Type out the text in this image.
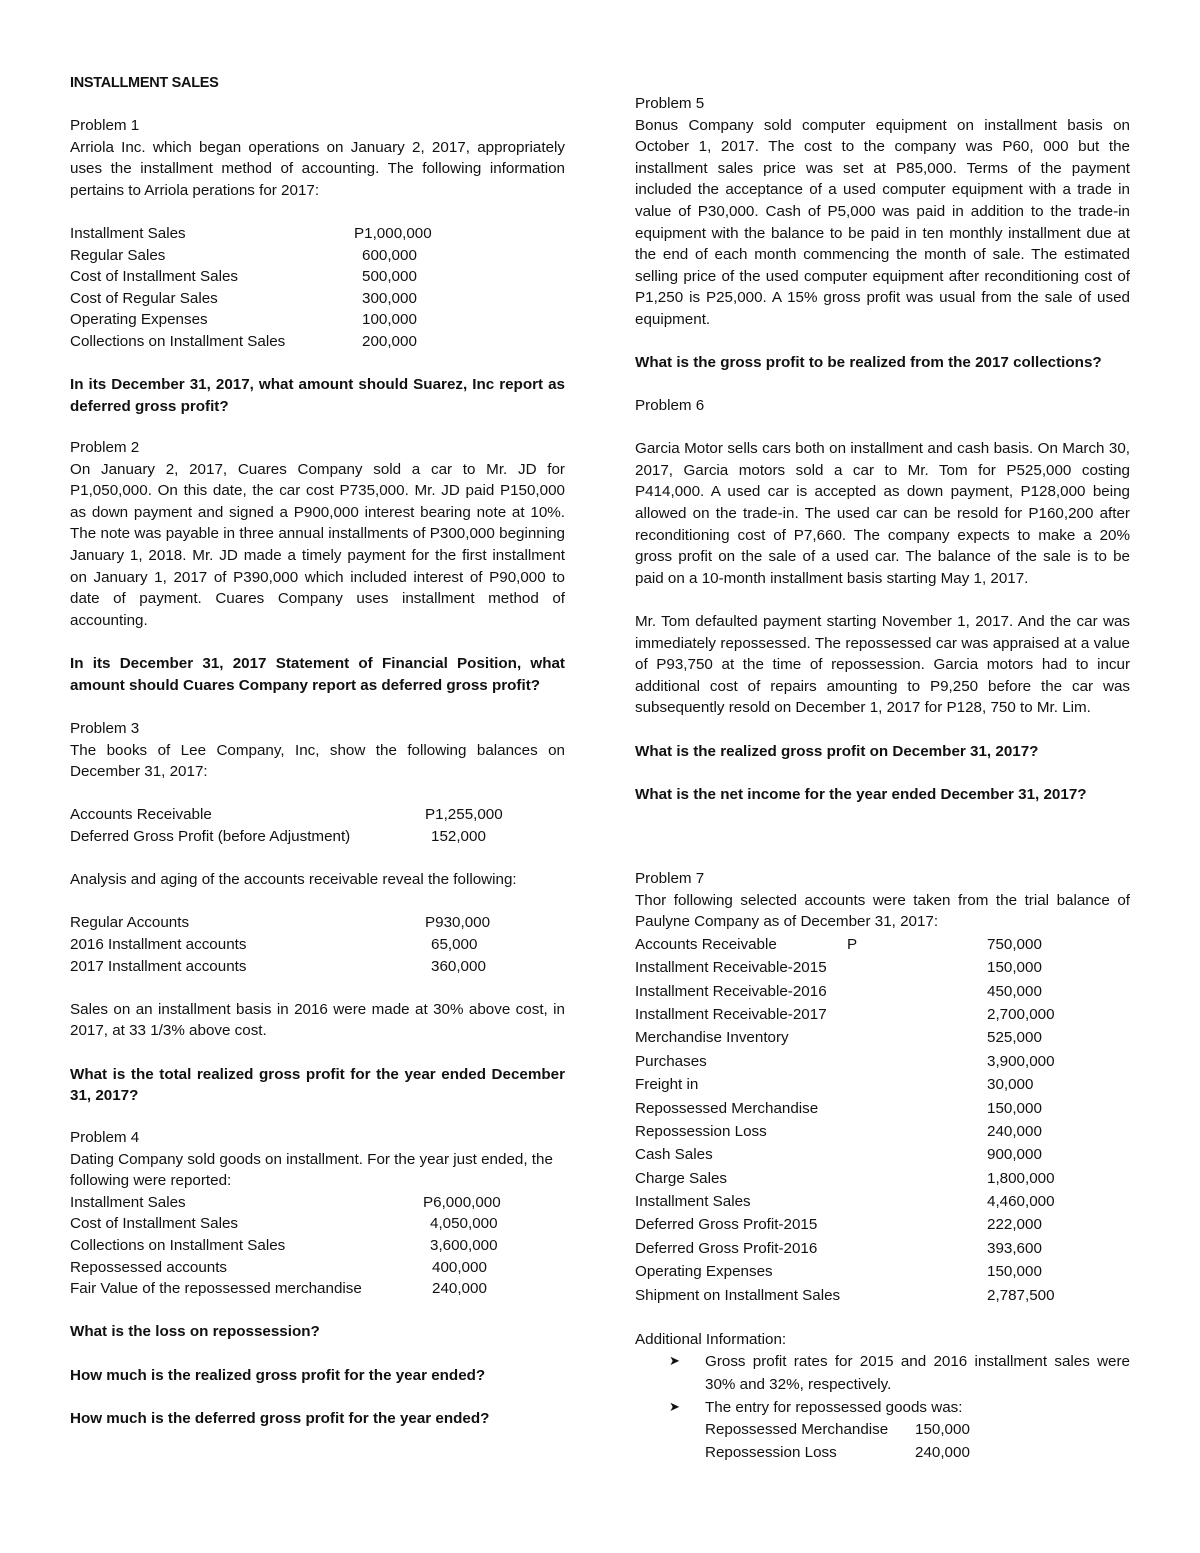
INSTALLMENT SALES

Problem 1

Arriola Inc. which began operations on January 2, 2017, appropriately uses the installment method of accounting. The following information pertains to Arriola perations for 2017:

Installment Sales	P1,000,000
Regular Sales	600,000
Cost of Installment Sales	500,000
Cost of Regular Sales	300,000
Operating Expenses	100,000
Collections on Installment Sales	200,000

In its December 31, 2017, what amount should Suarez, Inc report as deferred gross profit?

Problem 2

On January 2, 2017, Cuares Company sold a car to Mr. JD for P1,050,000. On this date, the car cost P735,000. Mr. JD paid P150,000 as down payment and signed a P900,000 interest bearing note at 10%. The note was payable in three annual installments of P300,000 beginning January 1, 2018. Mr. JD made a timely payment for the first installment on January 1, 2017 of P390,000 which included interest of P90,000 to date of payment. Cuares Company uses installment method of accounting.

In its December 31, 2017 Statement of Financial Position, what amount should Cuares Company report as deferred gross profit?

Problem 3

The books of Lee Company, Inc, show the following balances on December 31, 2017:

Accounts Receivable	P1,255,000
Deferred Gross Profit (before Adjustment)	152,000

Analysis and aging of the accounts receivable reveal the following:

Regular Accounts	P930,000
2016 Installment accounts	65,000
2017 Installment accounts	360,000

Sales on an installment basis in 2016 were made at 30% above cost, in 2017, at 33 1/3% above cost.

What is the total realized gross profit for the year ended December 31, 2017?

Problem 4

Dating Company sold goods on installment. For the year just ended, the following were reported:

Installment Sales	P6,000,000
Cost of Installment Sales	4,050,000
Collections on Installment Sales	3,600,000
Repossessed accounts	400,000
Fair Value of the repossessed merchandise	240,000

What is the loss on repossession?

How much is the realized gross profit for the year ended?

How much is the deferred gross profit for the year ended?

Problem 5

Bonus Company sold computer equipment on installment basis on October 1, 2017. The cost to the company was P60, 000 but the installment sales price was set at P85,000. Terms of the payment included the acceptance of a used computer equipment with a trade in value of P30,000. Cash of P5,000 was paid in addition to the trade-in equipment with the balance to be paid in ten monthly installment due at the end of each month commencing the month of sale. The estimated selling price of the used computer equipment after reconditioning cost of P1,250 is P25,000. A 15% gross profit was usual from the sale of used equipment.

What is the gross profit to be realized from the 2017 collections?

Problem 6

Garcia Motor sells cars both on installment and cash basis. On March 30, 2017, Garcia motors sold a car to Mr. Tom for P525,000 costing P414,000. A used car is accepted as down payment, P128,000 being allowed on the trade-in. The used car can be resold for P160,200 after reconditioning cost of P7,660. The company expects to make a 20% gross profit on the sale of a used car. The balance of the sale is to be paid on a 10-month installment basis starting May 1, 2017.

Mr. Tom defaulted payment starting November 1, 2017. And the car was immediately repossessed. The repossessed car was appraised at a value of P93,750 at the time of repossession. Garcia motors had to incur additional cost of repairs amounting to P9,250 before the car was subsequently resold on December 1, 2017 for P128, 750 to Mr. Lim.

What is the realized gross profit on December 31, 2017?

What is the net income for the year ended December 31, 2017?

Problem 7

Thor following selected accounts were taken from the trial balance of Paulyne Company as of December 31, 2017:

Accounts Receivable	P	750,000
Installment Receivable-2015	150,000
Installment Receivable-2016	450,000
Installment Receivable-2017	2,700,000
Merchandise Inventory	525,000
Purchases	3,900,000
Freight in	30,000
Repossessed Merchandise	150,000
Repossession Loss	240,000
Cash Sales	900,000
Charge Sales	1,800,000
Installment Sales	4,460,000
Deferred Gross Profit-2015	222,000
Deferred Gross Profit-2016	393,600
Operating Expenses	150,000
Shipment on Installment Sales	2,787,500

Additional Information:

➤ Gross profit rates for 2015 and 2016 installment sales were 30% and 32%, respectively.

➤ The entry for repossessed goods was:

Repossessed Merchandise 150,000
Repossession Loss	240,000
